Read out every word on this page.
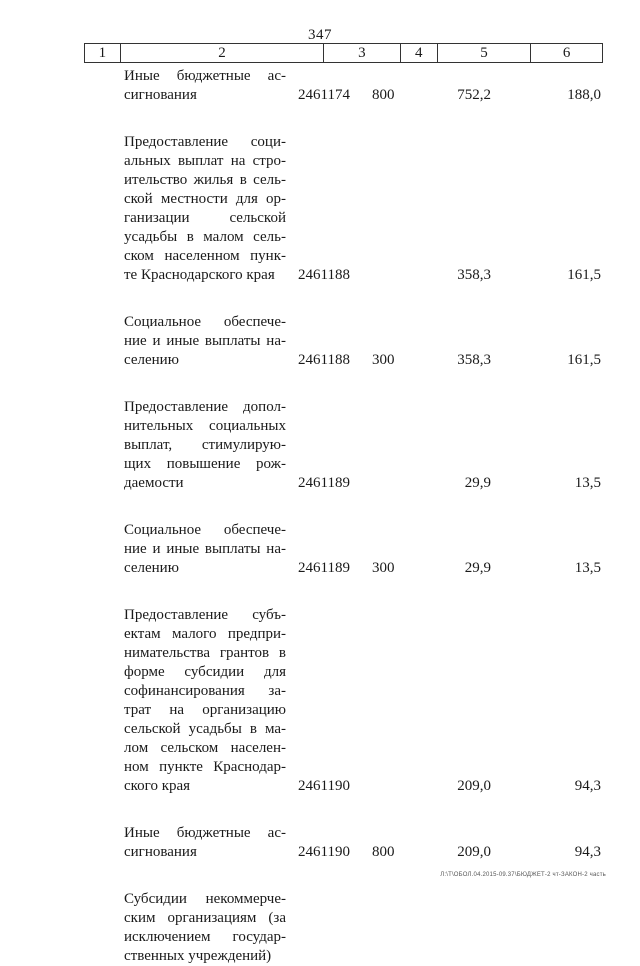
347
1	2	3	4	5	6
Иные бюджетные ас-
сигнования	2461174 800	752,2	188,0
Предоставление соци-
альных выплат на стро-
ительство жилья в сель-
ской местности для ор-
ганизации сельской
усадьбы в малом сель-
ском населенном пунк-
те Краснодарского края	2461188	358,3	161,5
Социальное обеспече-
ние и иные выплаты на-
селению	2461188 300	358,3	161,5
Предоставление допол-
нительных социальных
выплат, стимулирую-
щих повышение рож-
даемости	2461189	29,9	13,5
Социальное обеспече-
ние и иные выплаты на-
селению	2461189 300	29,9	13,5
Предоставление субъ-
ектам малого предпри-
нимательства грантов в
форме субсидии для
софинансирования за-
трат на организацию
сельской усадьбы в ма-
лом сельском населен-
ном пункте Краснодар-
ского края	2461190	209,0	94,3
Иные бюджетные ас-
сигнования	2461190 800	209,0	94,3
Субсидии некоммерче-
ским организациям (за
исключением государ-
ственных учреждений)
Л:\Т\ОБОЛ.04.2015-09.37\БЮДЖЕТ-2 чт-ЗАКОН-2 часть
